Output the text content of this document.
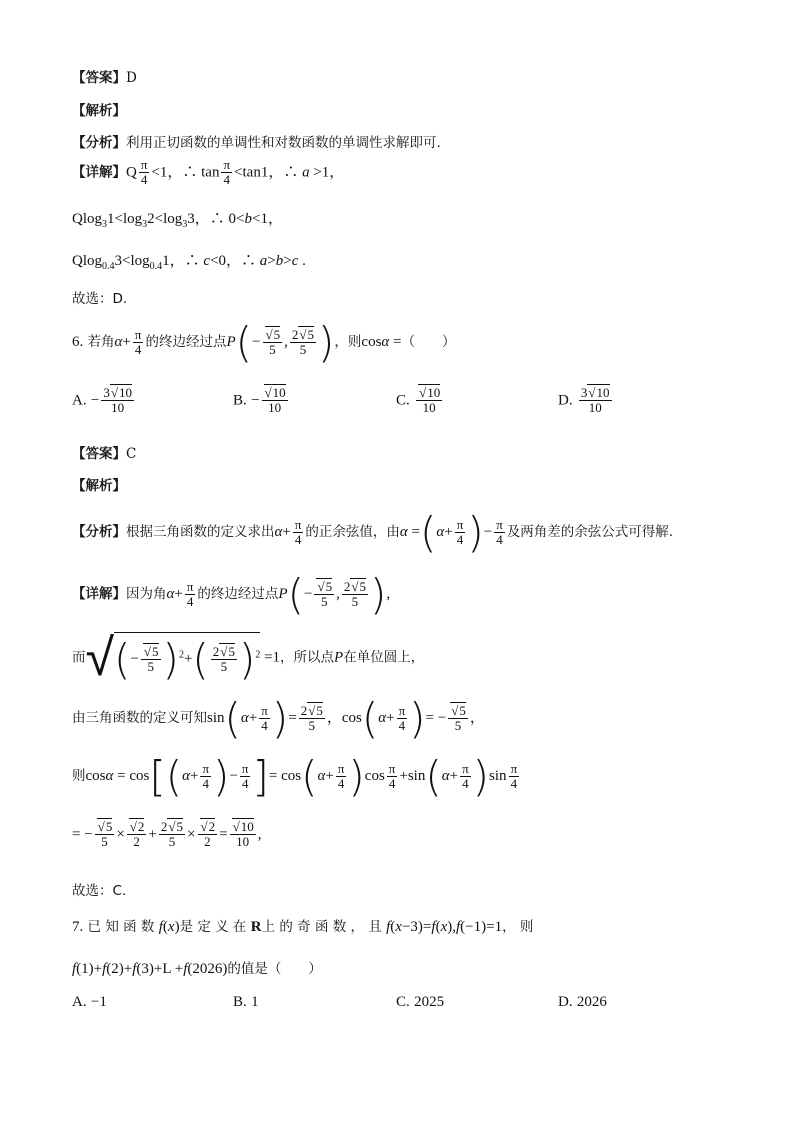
【答案】D
【解析】
【分析】利用正切函数的单调性和对数函数的单调性求解即可.
【详解】Q $\frac{\pi}{4} <1$，∴ $\tan \frac{\pi}{4} <\tan 1$，∴ a >1，
$Qlog_31<\log_32<\log_33$，∴ 0<b<1，
$Qlog_{0.4}3<\log_{0.4}1$，∴ c<0，∴ a>b>c .
故选：D.
6. 若角$\alpha+ \frac{\pi}{4}$ 的终边经过点P(− √ $\frac{5}{5}$ , $\frac{2 √ 5}{5}$ )，则cosα =（　　）
A. − $\frac{3 √ 10}{10}$	B. − √ $\frac{10}{10}$	C. √ $\frac{10}{10}$	D. $\frac{3 √ 10}{10}$
【答案】C
【解析】
【分析】根据三角函数的定义求出$\alpha+ \frac{\pi}{4}$ 的正余弦值，由$\alpha =(\alpha+ \frac{\pi}{4}$ )− $\frac{\pi}{4}$ 及两角差的余弦公式可得解.
【详解】因为角$\alpha+ \frac{\pi}{4}$ 的终边经过点P(− √ $\frac{5}{5}$ , $\frac{2 √ 5}{5}$ ),
而√(− √ $\frac{5}{5} )^2+( \frac{2 √ 5}{5} )^2 =1$，所以点P在单位圆上，
由三角函数的定义可知$\sin(\alpha+ \frac{\pi}{4}$ )= $\frac{2 √ 5}{5}$ ，$\cos(\alpha+ \frac{\pi}{4}$ )= − √ $\frac{5}{5}$ ，
则$\cos\alpha = \cos[(\alpha+ \frac{\pi}{4}$ )− $\frac{\pi}{4}$ ]= $\cos(\alpha+ \frac{\pi}{4} )\cos \frac{\pi}{4} +\sin(\alpha+ \frac{\pi}{4} )\sin \frac{\pi}{4}$
= − √ $\frac{5}{5}$ × √ $\frac{2}{2} + \frac{2 √ 5}{5}$ × √ $\frac{2}{2}$ = √ $\frac{10}{10}$ ,
故选：C.
7. 已 知 函 数 f(x)是 定 义 在 R上 的 奇 函 数 ， 且 f(x−3)=f(x),f(−1)=1， 则
f(1)+f(2)+f(3)+L +f(2026)的值是（　　）
A. −1	B. 1	C. 2025	D. 2026
